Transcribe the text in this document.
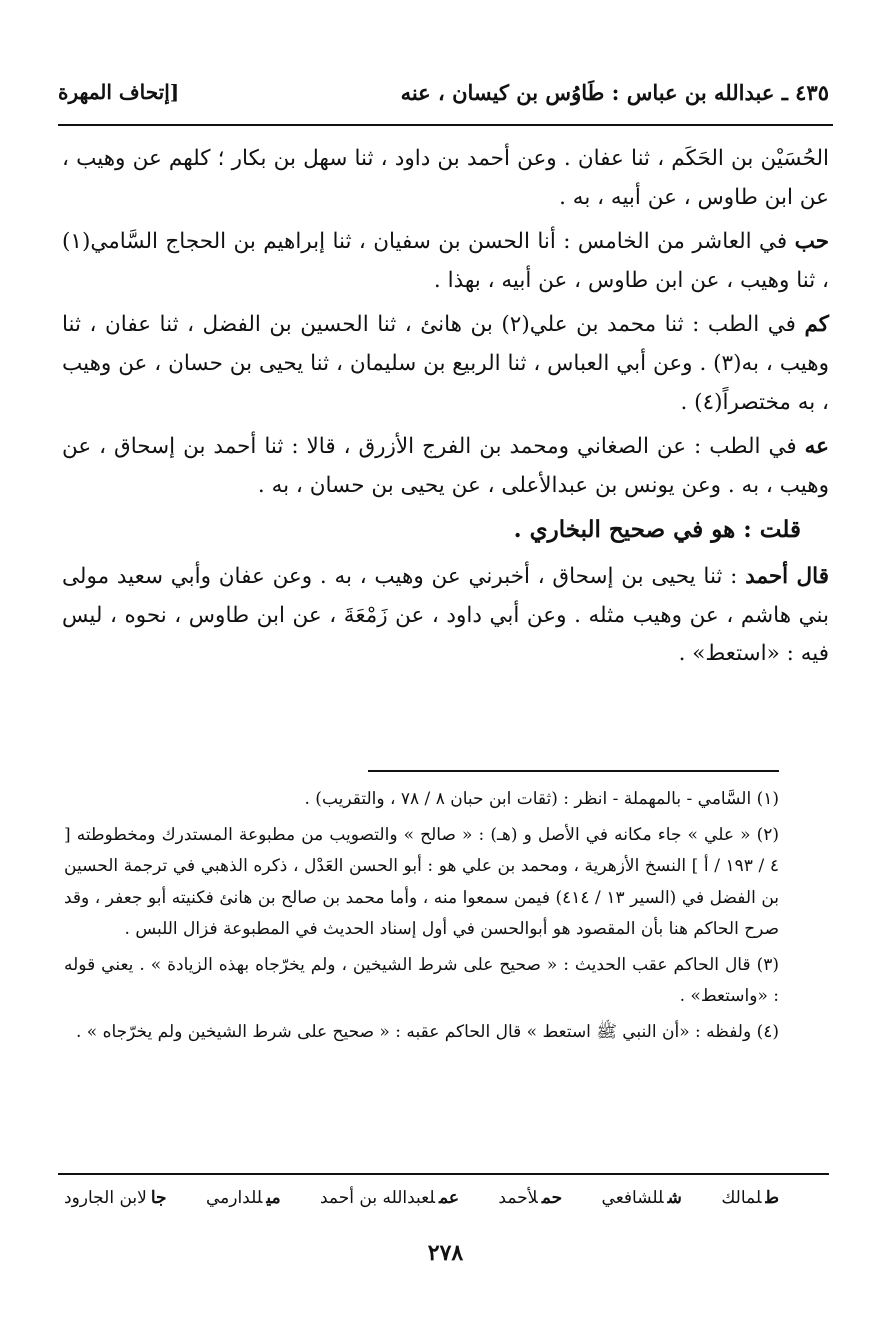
٤٣٥ ـ عبدالله بن عباس : طَاوُس بن كيسان ، عنه
[إتحاف المهرة

الحُسَيْن بن الحَكَم ، ثنا عفان . وعن أحمد بن داود ، ثنا سهل بن بكار ؛ كلهم عن وهيب ، عن ابن طاوس ، عن أبيه ، به .

حب في العاشر من الخامس : أنا الحسن بن سفيان ، ثنا إبراهيم بن الحجاج السَّامي(١) ، ثنا وهيب ، عن ابن طاوس ، عن أبيه ، بهذا .

كم في الطب : ثنا محمد بن علي(٢) بن هانئ ، ثنا الحسين بن الفضل ، ثنا عفان ، ثنا وهيب ، به(٣) . وعن أبي العباس ، ثنا الربيع بن سليمان ، ثنا يحيى بن حسان ، عن وهيب ، به مختصراً(٤) .

عه في الطب : عن الصغاني ومحمد بن الفرج الأزرق ، قالا : ثنا أحمد بن إسحاق ، عن وهيب ، به . وعن يونس بن عبدالأعلى ، عن يحيى بن حسان ، به .

قلت : هو في صحيح البخاري .

قال أحمد : ثنا يحيى بن إسحاق ، أخبرني عن وهيب ، به . وعن عفان وأبي سعيد مولى بني هاشم ، عن وهيب مثله . وعن أبي داود ، عن زَمْعَةَ ، عن ابن طاوس ، نحوه ، ليس فيه : «استعط» .

(١) السَّامي - بالمهملة - انظر : (ثقات ابن حبان ٨ / ٧٨ ، والتقريب) .

(٢) « علي » جاء مكانه في الأصل و (هـ) : « صالح » والتصويب من مطبوعة المستدرك ومخطوطته [ ٤ / ١٩٣ / أ ] النسخ الأزهرية ، ومحمد بن علي هو : أبو الحسن العَدْل ، ذكره الذهبي في ترجمة الحسين بن الفضل في (السير ١٣ / ٤١٤) فيمن سمعوا منه ، وأما محمد بن صالح بن هانئ فكنيته أبو جعفر ، وقد صرح الحاكم هنا بأن المقصود هو أبوالحسن في أول إسناد الحديث في المطبوعة فزال اللبس .

(٣) قال الحاكم عقب الحديث : « صحيح على شرط الشيخين ، ولم يخرّجاه بهذه الزيادة » . يعني قوله : «واستعط» .

(٤) ولفظه : «أن النبي ﷺ استعط » قال الحاكم عقبه : « صحيح على شرط الشيخين ولم يخرّجاه » .

طلمالك
شللشافعي
حملأحمد
عملعبدالله بن أحمد
ميللدارمي
جالابن الجارود
٢٧٨
